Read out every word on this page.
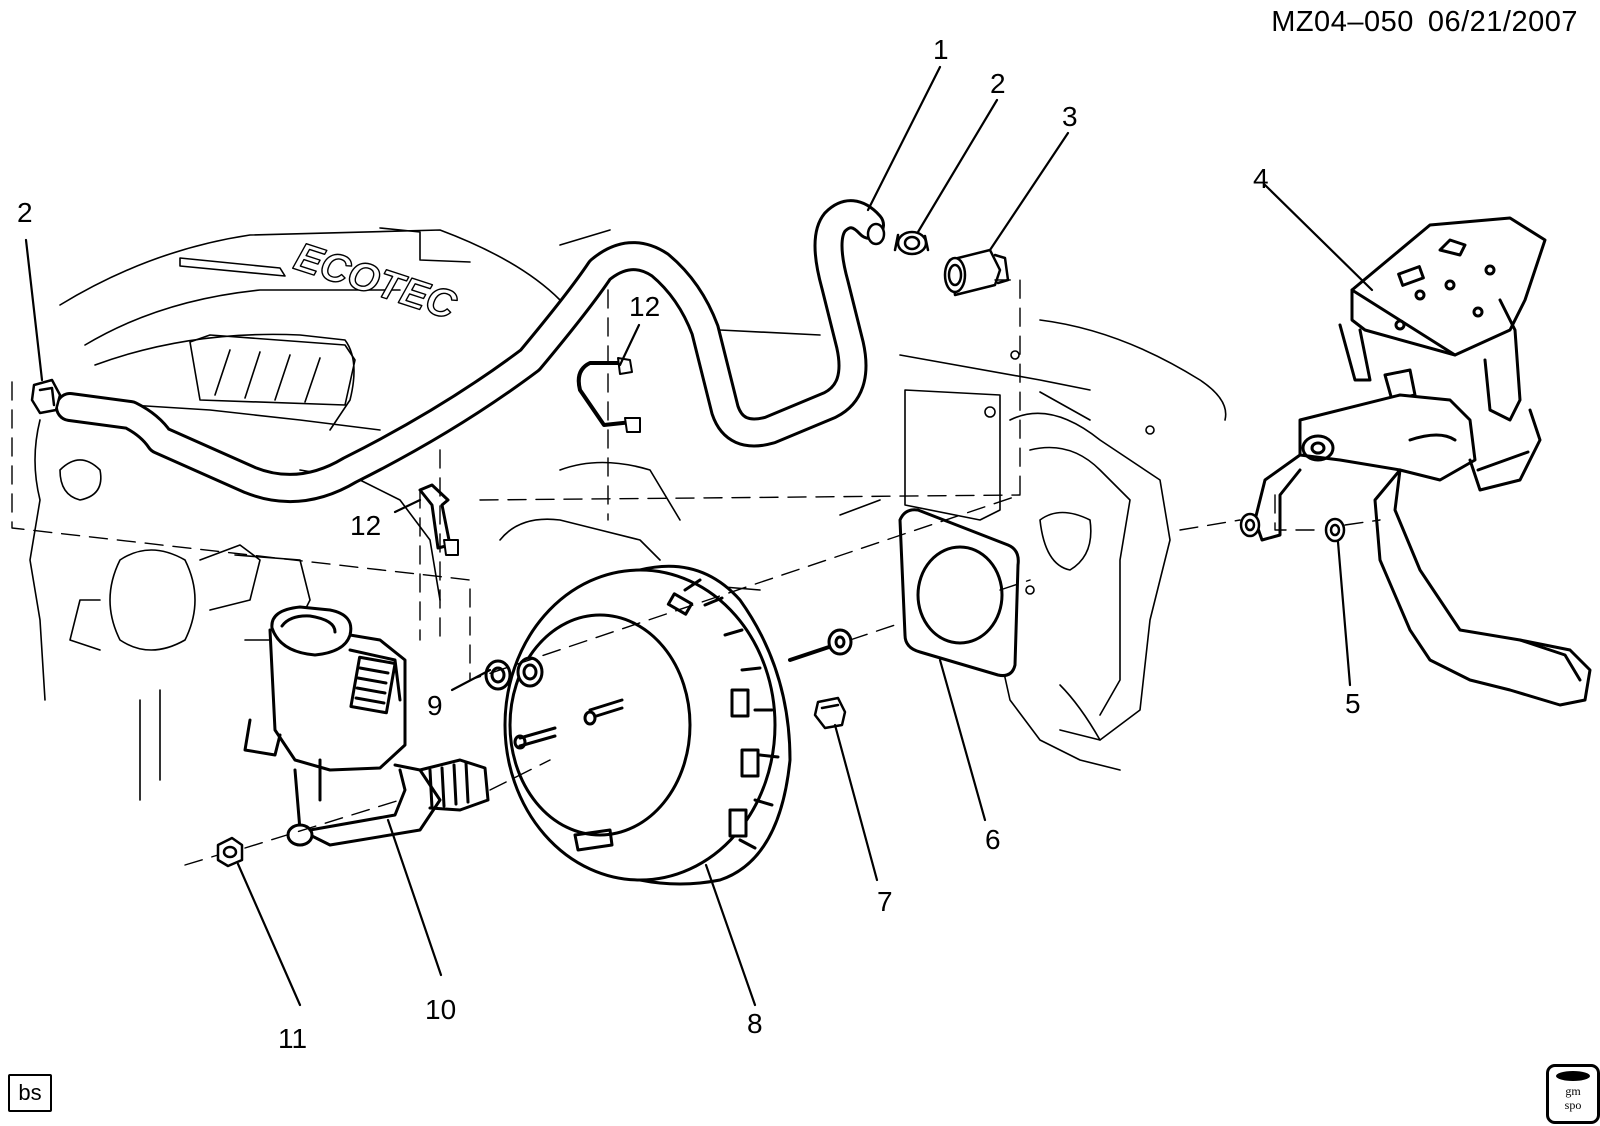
ECOTEC
MZ04–050 06/21/2007
1
2
3
4
5
6
7
8
9
10
11
12
2
12
bs	gm
spo
